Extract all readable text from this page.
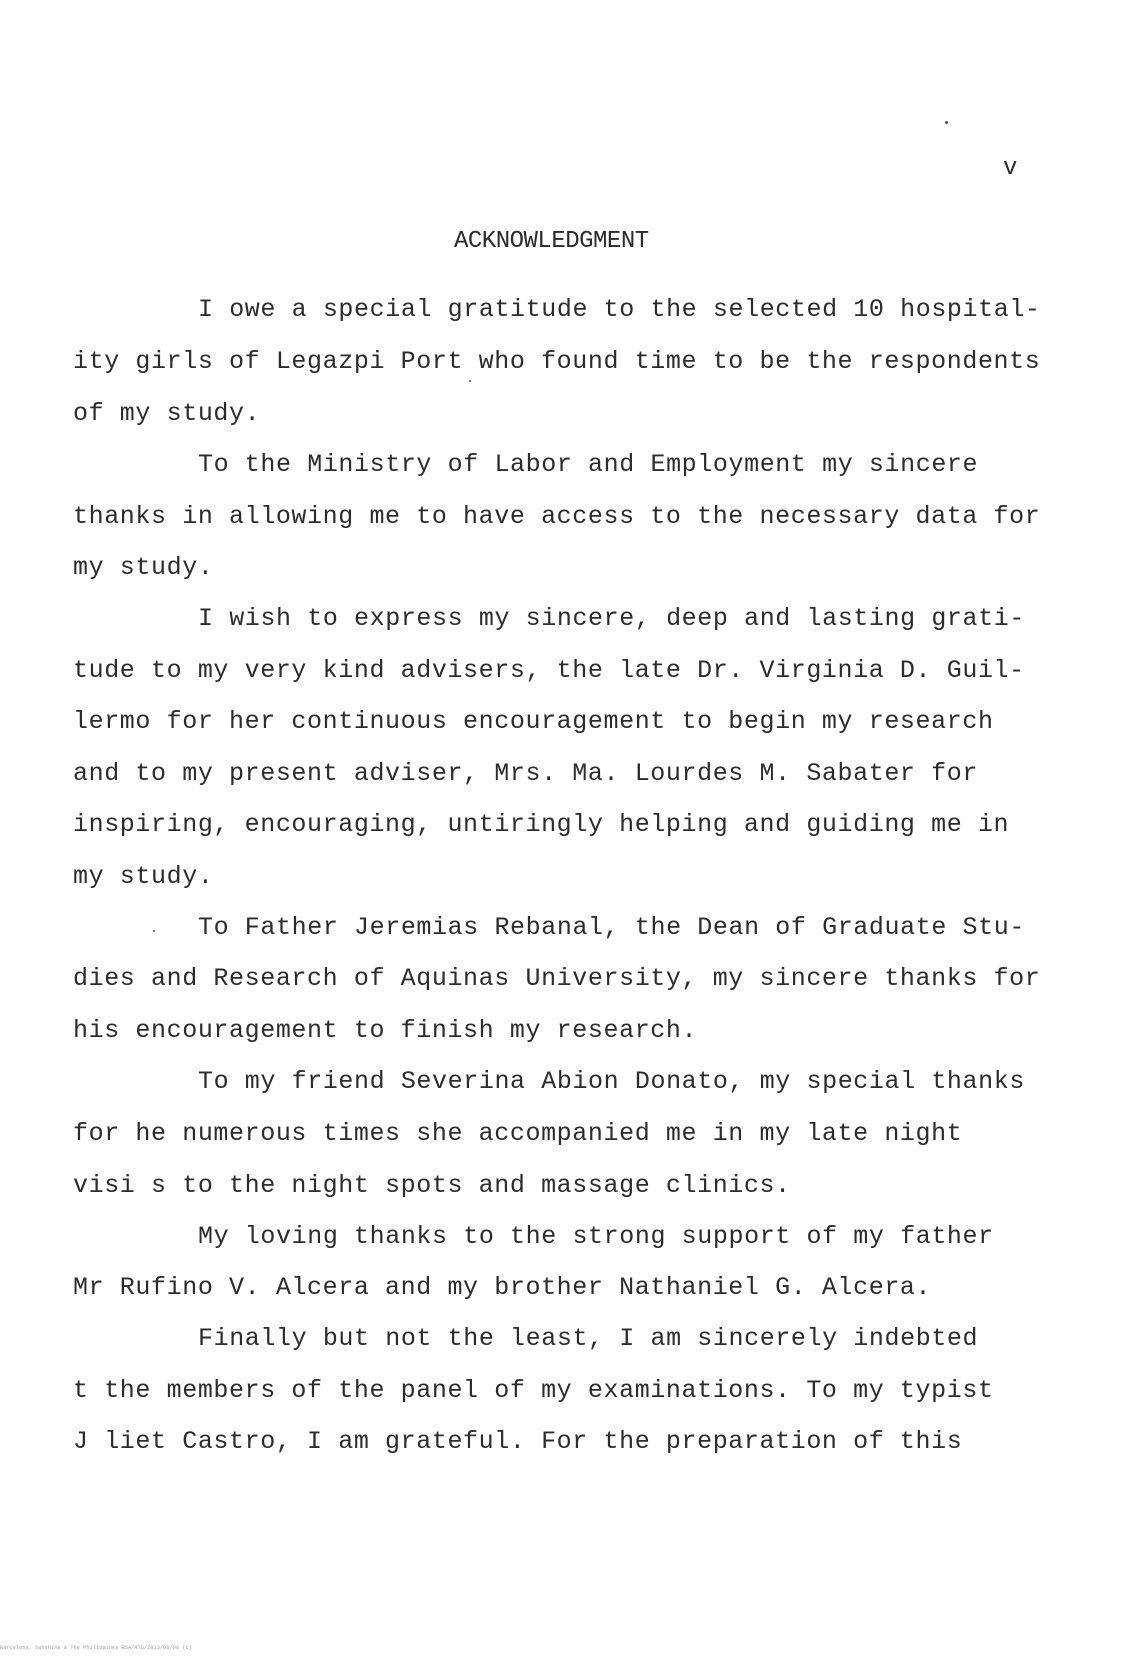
v
ACKNOWLEDGMENT
I owe a special gratitude to the selected 10 hospital-
ity girls of Legazpi Port who found time to be the respondents
of my study.
To the Ministry of Labor and Employment my sincere
thanks in allowing me to have access to the necessary data for
my study.
I wish to express my sincere, deep and lasting grati-
tude to my very kind advisers, the late Dr. Virginia D. Guil-
lermo for her continuous encouragement to begin my research
and to my present adviser, Mrs. Ma. Lourdes M. Sabater for
inspiring, encouraging, untiringly helping and guiding me in
my study.
To Father Jeremias Rebanal, the Dean of Graduate Stu-
dies and Research of Aquinas University, my sincere thanks for
his encouragement to finish my research.
To my friend Severina Abion Donato, my special thanks
for he numerous times she accompanied me in my late night
visi s to the night spots and massage clinics.
My loving thanks to the strong support of my father
Mr Rufino V. Alcera and my brother Nathaniel G. Alcera.
Finally but not the least, I am sincerely indebted
t the members of the panel of my examinations. To my typist
J liet Castro, I am grateful. For the preparation of this
Barcelona, Sunshine & The Philippines RSA/RTS/2013/06/98 (c)
